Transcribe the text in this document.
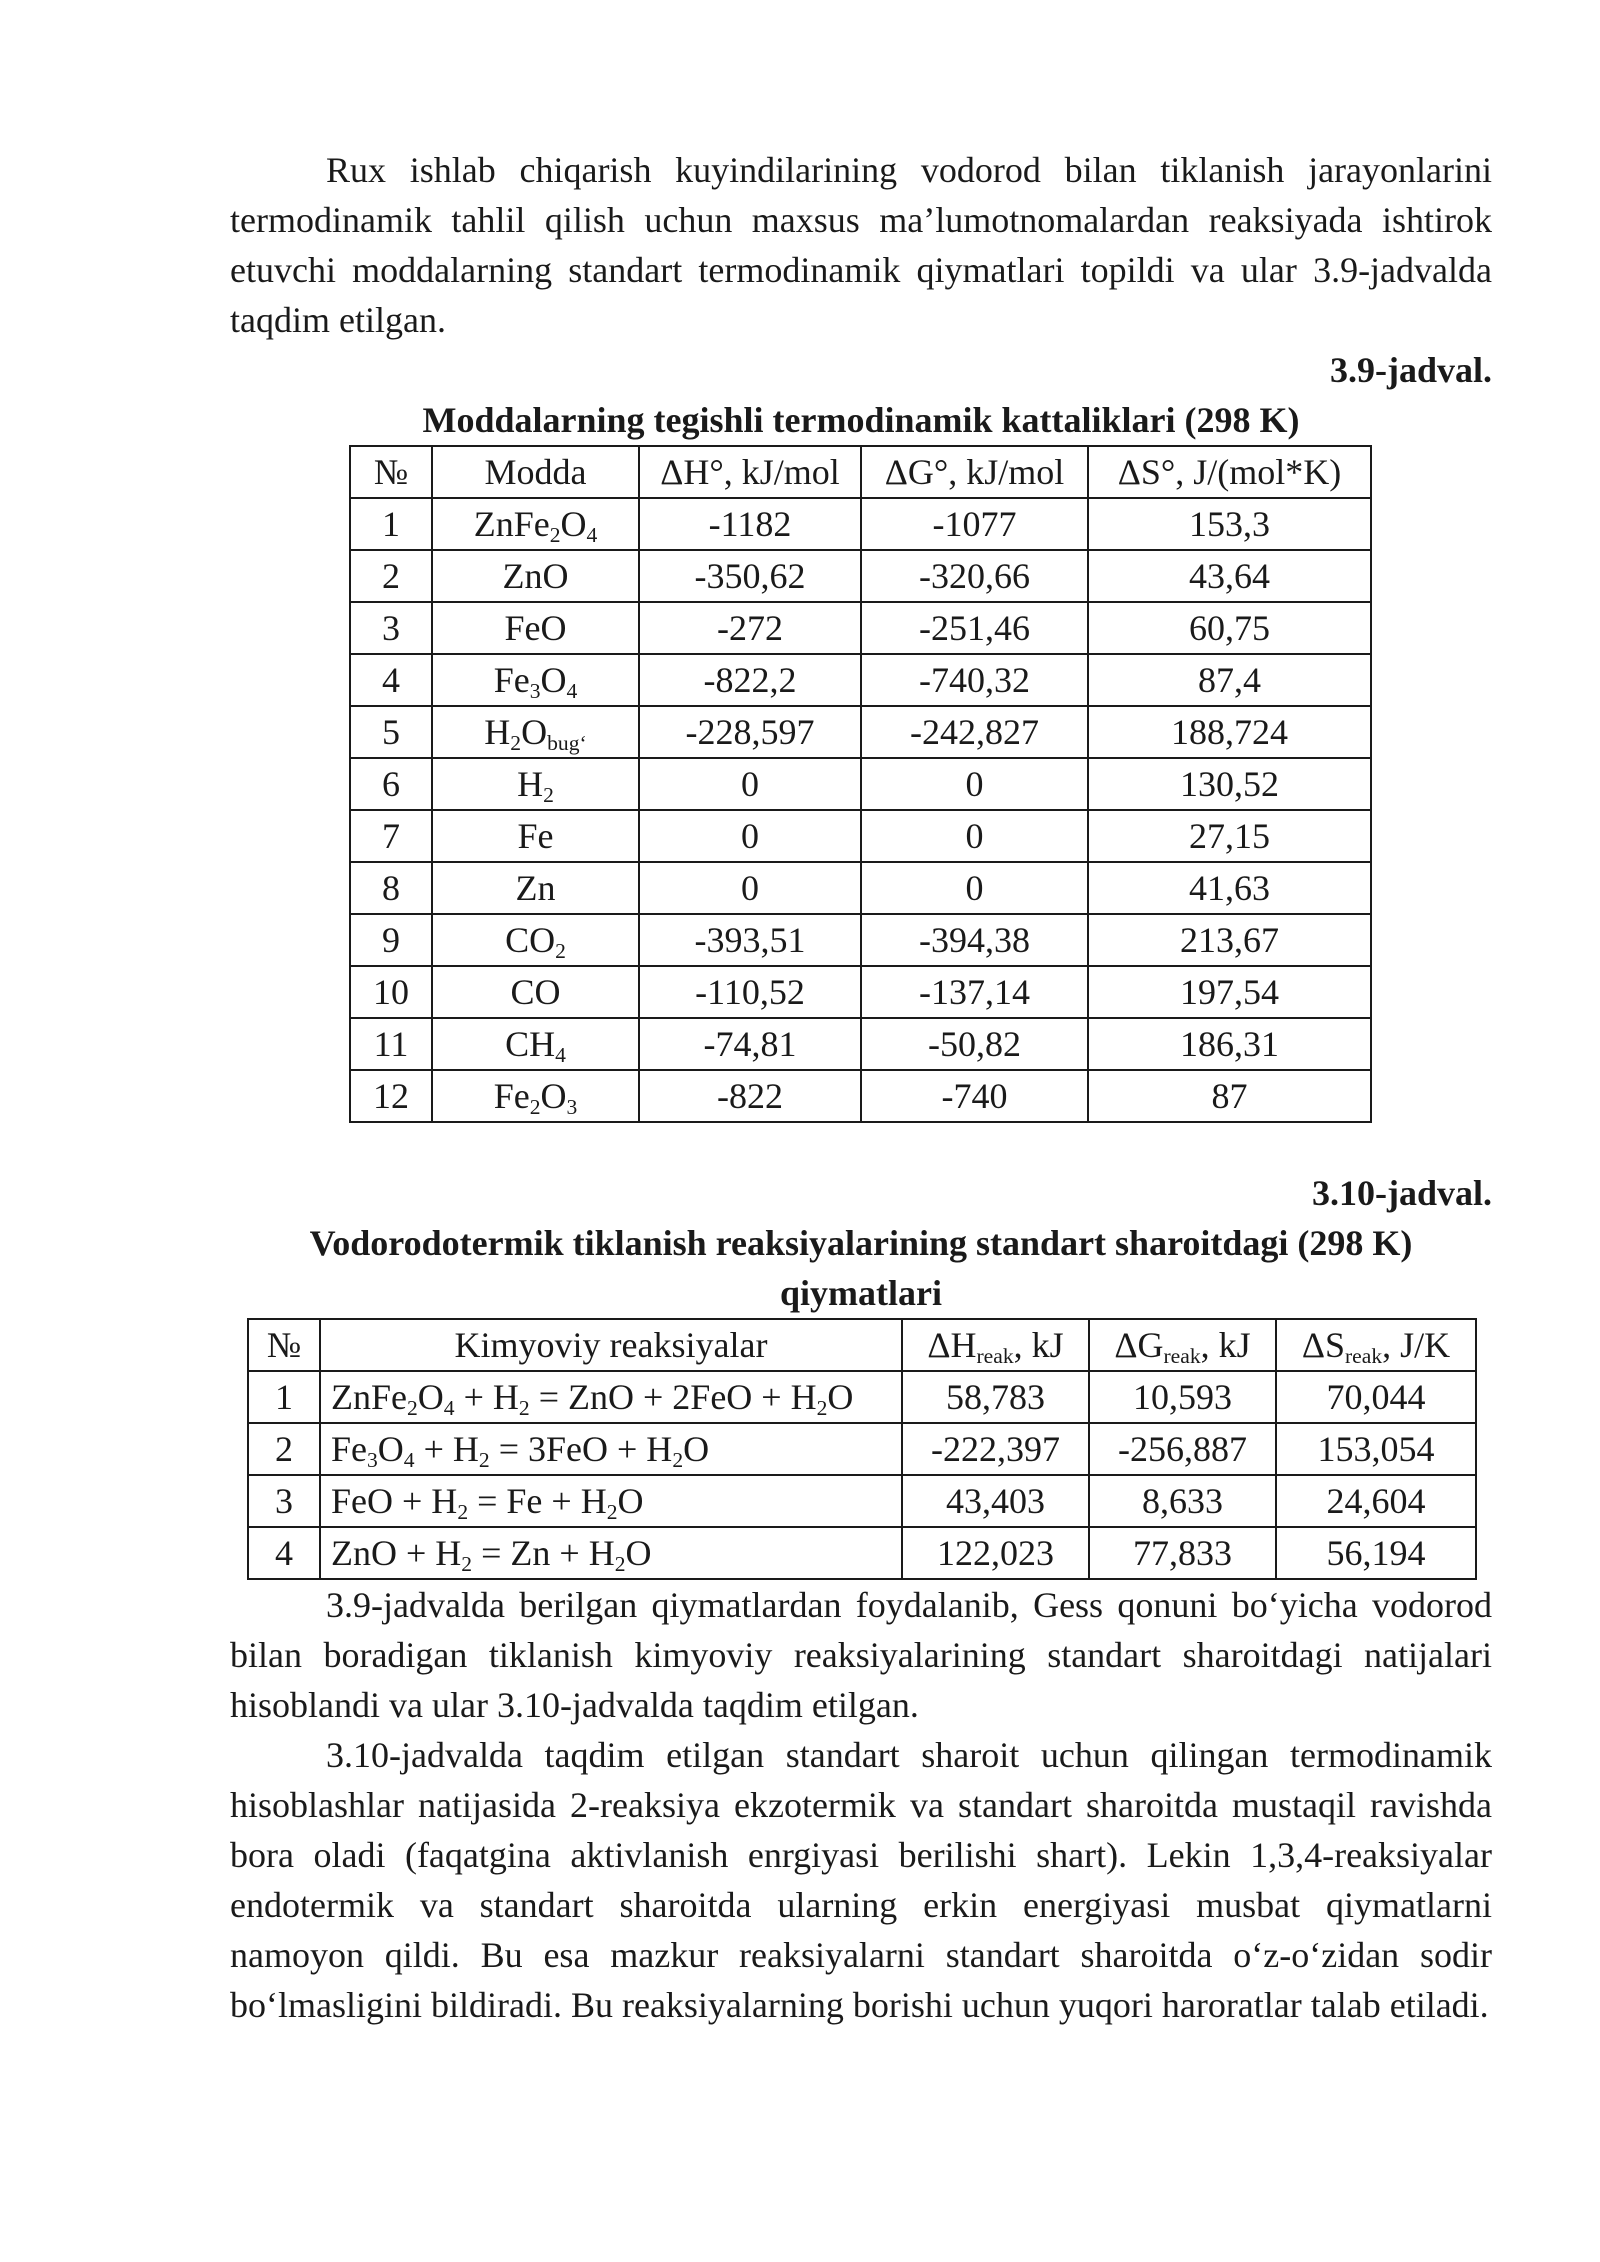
Rux ishlab chiqarish kuyindilarining vodorod bilan tiklanish jarayonlarini termodinamik tahlil qilish uchun maxsus ma’lumotnomalardan reaksiyada ishtirok etuvchi moddalarning standart termodinamik qiymatlari topildi va ular 3.9-jadvalda taqdim etilgan.

3.9-jadval.
Moddalarning tegishli termodinamik kattaliklari (298 K)
№	Modda	ΔH°, kJ/mol	ΔG°, kJ/mol	ΔS°, J/(mol*K)
1	$ZnFe_2O_4$	-1182	-1077	153,3
2	ZnO	-350,62	-320,66	43,64
3	FeO	-272	-251,46	60,75
4	$Fe_3O_4$	-822,2	-740,32	87,4
5	$H_2O_{bug‘}$	-228,597	-242,827	188,724
6	$H_2$	0	0	130,52
7	Fe	0	0	27,15
8	Zn	0	0	41,63
9	$CO_2$	-393,51	-394,38	213,67
10	CO	-110,52	-137,14	197,54
11	$CH_4$	-74,81	-50,82	186,31
12	$Fe_2O_3$	-822	-740	87
3.10-jadval.
Vodorodotermik tiklanish reaksiyalarining standart sharoitdagi (298 K) qiymatlari
№	Kimyoviy reaksiyalar	$\Delta H_{reak}$, kJ	$\Delta G_{reak}$, kJ	$\Delta S_{reak}$, J/K
1	$ZnFe_2O_4 + H_2$ = ZnO + $2FeO + H_2O$	58,783	10,593	70,044
2	$Fe_3O_4 + H_2 = 3FeO + H_2O$	-222,397	-256,887	153,054
3	FeO + $H_2 = Fe + H_2O$	43,403	8,633	24,604
4	ZnO + $H_2 = Zn + H_2O$	122,023	77,833	56,194

3.9-jadvalda berilgan qiymatlardan foydalanib, Gess qonuni bo‘yicha vodorod bilan boradigan tiklanish kimyoviy reaksiyalarining standart sharoitdagi natijalari hisoblandi va ular 3.10-jadvalda taqdim etilgan.

3.10-jadvalda taqdim etilgan standart sharoit uchun qilingan termodinamik hisoblashlar natijasida 2-reaksiya ekzotermik va standart sharoitda mustaqil ravishda bora oladi (faqatgina aktivlanish enrgiyasi berilishi shart). Lekin 1,3,4-reaksiyalar endotermik va standart sharoitda ularning erkin energiyasi musbat qiymatlarni namoyon qildi. Bu esa mazkur reaksiyalarni standart sharoitda o‘z-o‘zidan sodir bo‘lmasligini bildiradi. Bu reaksiyalarning borishi uchun yuqori haroratlar talab etiladi.
